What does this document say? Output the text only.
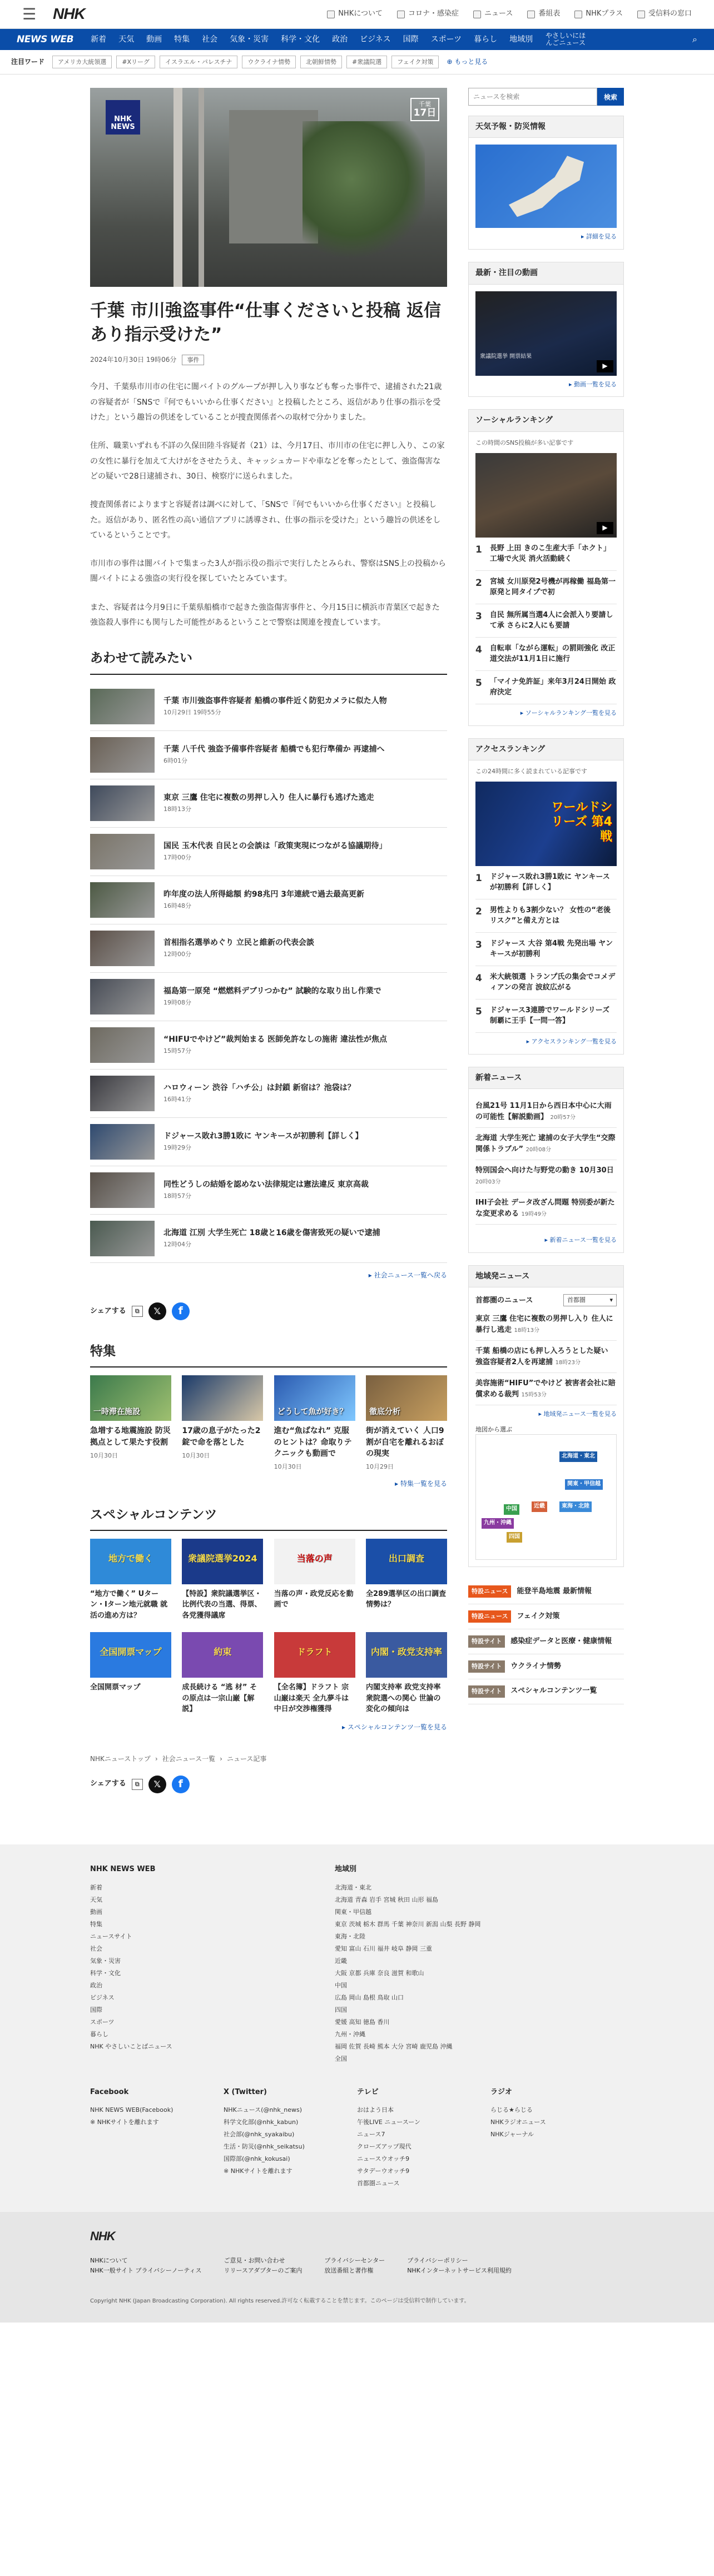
☰ NHK	NHKについて	コロナ・感染症	ニュース	番組表	NHKプラス	受信料の窓口
NEWS WEB	新着	天気	動画	特集	社会	気象・災害	科学・文化	政治	ビジネス	国際	スポーツ	暮らし	地域別	やさしいにほんごニュース	⌕
注目ワード	アメリカ大統領選	#Xリーグ	イスラエル・パレスチナ	ウクライナ情勢	北朝鮮情勢	#衆議院選	フェイク対策	⊕ もっと見る
NHK NEWS
千葉
17日
千葉 市川強盗事件“仕事くださいと投稿 返信あり指示受けた”
2024年10月30日 19時06分	事件

今月、千葉県市川市の住宅に闇バイトのグループが押し入り事なども奪った事件で、逮捕された21歳の容疑者が「SNSで『何でもいいから仕事ください』と投稿したところ、返信があり仕事の指示を受けた」という趣旨の供述をしていることが捜査関係者への取材で分かりました。

住所、職業いずれも不詳の久保田陸斗容疑者（21）は、今月17日、市川市の住宅に押し入り、この家の女性に暴行を加えて大けがをさせたうえ、キャッシュカードや車などを奪ったとして、強盗傷害などの疑いで28日逮捕され、30日、検察庁に送られました。

捜査関係者によりますと容疑者は調べに対して、「SNSで『何でもいいから仕事ください』と投稿した。返信があり、匿名性の高い通信アプリに誘導され、仕事の指示を受けた」という趣旨の供述をしているということです。

市川市の事件は闇バイトで集まった3人が指示役の指示で実行したとみられ、警察はSNS上の投稿から闇バイトによる強盗の実行役を探していたとみています。

また、容疑者は今月9日に千葉県船橋市で起きた強盗傷害事件と、今月15日に横浜市青葉区で起きた強盗殺人事件にも関与した可能性があるということで警察は関連を捜査しています。

あわせて読みたい
千葉 市川強盗事件容疑者 船橋の事件近く防犯カメラに似た人物
10月29日 19時55分
千葉 八千代 強盗予備事件容疑者 船橋でも犯行準備か 再逮捕へ
6時01分
東京 三鷹 住宅に複数の男押し入り 住人に暴行も逃げた逃走
18時13分
国民 玉木代表 自民との会談は「政策実現につながる協議期待」
17時00分
昨年度の法人所得総額 約98兆円 3年連続で過去最高更新
16時48分
首相指名選挙めぐり 立民と維新の代表会談
12時00分
福島第一原発 “燃燃料デブリつかむ” 試験的な取り出し作業で
19時08分
“HIFUでやけど”裁判始まる 医師免許なしの施術 違法性が焦点
15時57分
ハロウィーン 渋谷「ハチ公」は封鎖 新宿は？池袋は？
16時41分
ドジャース敗れ3勝1敗に ヤンキースが初勝利【詳しく】
19時29分
同性どうしの結婚を認めない法律規定は憲法違反 東京高裁
18時57分
北海道 江別 大学生死亡 18歳と16歳を傷害致死の疑いで逮捕
12時04分
▸ 社会ニュース一覧へ戻る
シェアする	⧉	𝕏	f
特集
一時滞在施設
急増する地震施設 防災拠点として果たす役割
10月30日
17歳の息子がたった2錠で命を落とした
10月30日
どうして魚が好き？
進む“魚ばなれ” 克服のヒントは？命取りテクニックも動画で
10月30日
徹底分析
街が消えていく 人口9割が自宅を離れるおぼの現実
10月29日
▸ 特集一覧を見る
スペシャルコンテンツ
地方で働く
“地方で働く” Uターン・Iターン地元就職 就活の進め方は？
衆議院選挙2024
【特設】衆院議選挙区・比例代表の当選、得票、各党獲得議席
当落の声
当落の声・政党反応を動画で
出口調査
全289選挙区の出口調査 情勢は？
全国開票マップ
全国開票マップ
約束
成長続ける “逃 材” その原点は一宗山巌【解説】
ドラフト
【全名簿】ドラフト 宗山巌は楽天 全九夢斗は中日が交渉権獲得
内閣・政党支持率
内閣支持率 政党支持率 衆院選への関心 世論の変化の傾向は
▸ スペシャルコンテンツ一覧を見る
NHKニューストップ › 社会ニュース一覧 › ニュース記事
シェアする	⧉	𝕏	f
ニュースを検索
検索
天気予報・防災情報
▸ 詳細を見る
最新・注目の動画
衆議院選挙 開票結果
▶
▸ 動画一覧を見る
ソーシャルランキング
この時間のSNS投稿が多い記事です
▶
1 長野 上田 きのこ生産大手「ホクト」工場で火災 消火活動続く
2 宮城 女川原発2号機が再稼働 福島第一原発と同タイプで初
3 自民 無所属当選4人に会派入り要請して承 さらに2人にも要請
4 自転車「ながら運転」の罰則強化 改正道交法が11月1日に施行
5 「マイナ免許証」来年3月24日開始 政府決定
▸ ソーシャルランキング一覧を見る
アクセスランキング
この24時間に多く読まれている記事です
ワールドシリーズ 第4戦
1 ドジャース敗れ3勝1敗に ヤンキースが初勝利【詳しく】
2 男性よりも3割少ない？ 女性の“老後リスク”と備え方とは
3 ドジャース 大谷 第4戦 先発出場 ヤンキースが初勝利
4 米大統領選 トランプ氏の集会でコメディアンの発言 波紋広がる
5 ドジャース3連勝でワールドシリーズ制覇に王手【一問一答】
▸ アクセスランキング一覧を見る
新着ニュース
台風21号 11月1日から西日本中心に大雨の可能性【解説動画】 20時57分
北海道 大学生死亡 逮捕の女子大学生“交際関係トラブル” 20時08分
特別国会へ向けた与野党の動き 10月30日 20時03分
IHI子会社 データ改ざん問題 特別委が新たな変更求める 19時49分
▸ 新着ニュース一覧を見る
地域発ニュース
首都圏のニュース	首都圏	▾
東京 三鷹 住宅に複数の男押し入り 住人に暴行し逃走 18時13分
千葉 船橋の店にも押し入ろうとした疑い 強盗容疑者2人を再逮捕 18時23分
美容施術“HIFU”でやけど 被害者会社に賠償求める裁判 15時53分
▸ 地域発ニュース一覧を見る
地図から選ぶ
北海道・東北
関東・甲信越
東海・北陸
近畿
中国
四国
九州・沖縄
特設ニュース	能登半島地震 最新情報
特設ニュース	フェイク対策
特設サイト	感染症データと医療・健康情報
特設サイト	ウクライナ情勢
特設サイト	スペシャルコンテンツ一覧
NHK NEWS WEB
新着
天気
動画
特集
ニュースサイト
社会
気象・災害
科学・文化
政治
ビジネス
国際
スポーツ
暮らし
NHK やさしいことばニュース
地域別
北海道・東北
北海道 青森 岩手 宮城 秋田 山形 福島
関東・甲信越
東京 茨城 栃木 群馬 千葉 神奈川 新潟 山梨 長野 静岡
東海・北陸
愛知 富山 石川 福井 岐阜 静岡 三重
近畿
大阪 京都 兵庫 奈良 滋賀 和歌山
中国
広島 岡山 島根 鳥取 山口
四国
愛媛 高知 徳島 香川
九州・沖縄
福岡 佐賀 長崎 熊本 大分 宮崎 鹿児島 沖縄
全国
Facebook
NHK NEWS WEB(Facebook)
※ NHKサイトを離れます
X (Twitter)
NHKニュース(@nhk_news)
科学文化部(@nhk_kabun)
社会部(@nhk_syakaibu)
生活・防災(@nhk_seikatsu)
国際部(@nhk_kokusai)
※ NHKサイトを離れます
テレビ
おはよう日本
午後LIVE ニュースーン
ニュース7
クローズアップ現代
ニュースウオッチ9
サタデーウオッチ9
首都圏ニュース
ラジオ
らじる★らじる
NHKラジオニュース
NHKジャーナル
NHK
NHKについて	ご意見・お問い合わせ	プライバシーセンター	プライバシーポリシー
NHK一般サイト プライバシーノーティス	リリースアダプターのご案内	放送番組と著作権	NHKインターネットサービス利用規約
Copyright NHK (Japan Broadcasting Corporation). All rights reserved.許可なく転載することを禁じます。このページは受信料で制作しています。
